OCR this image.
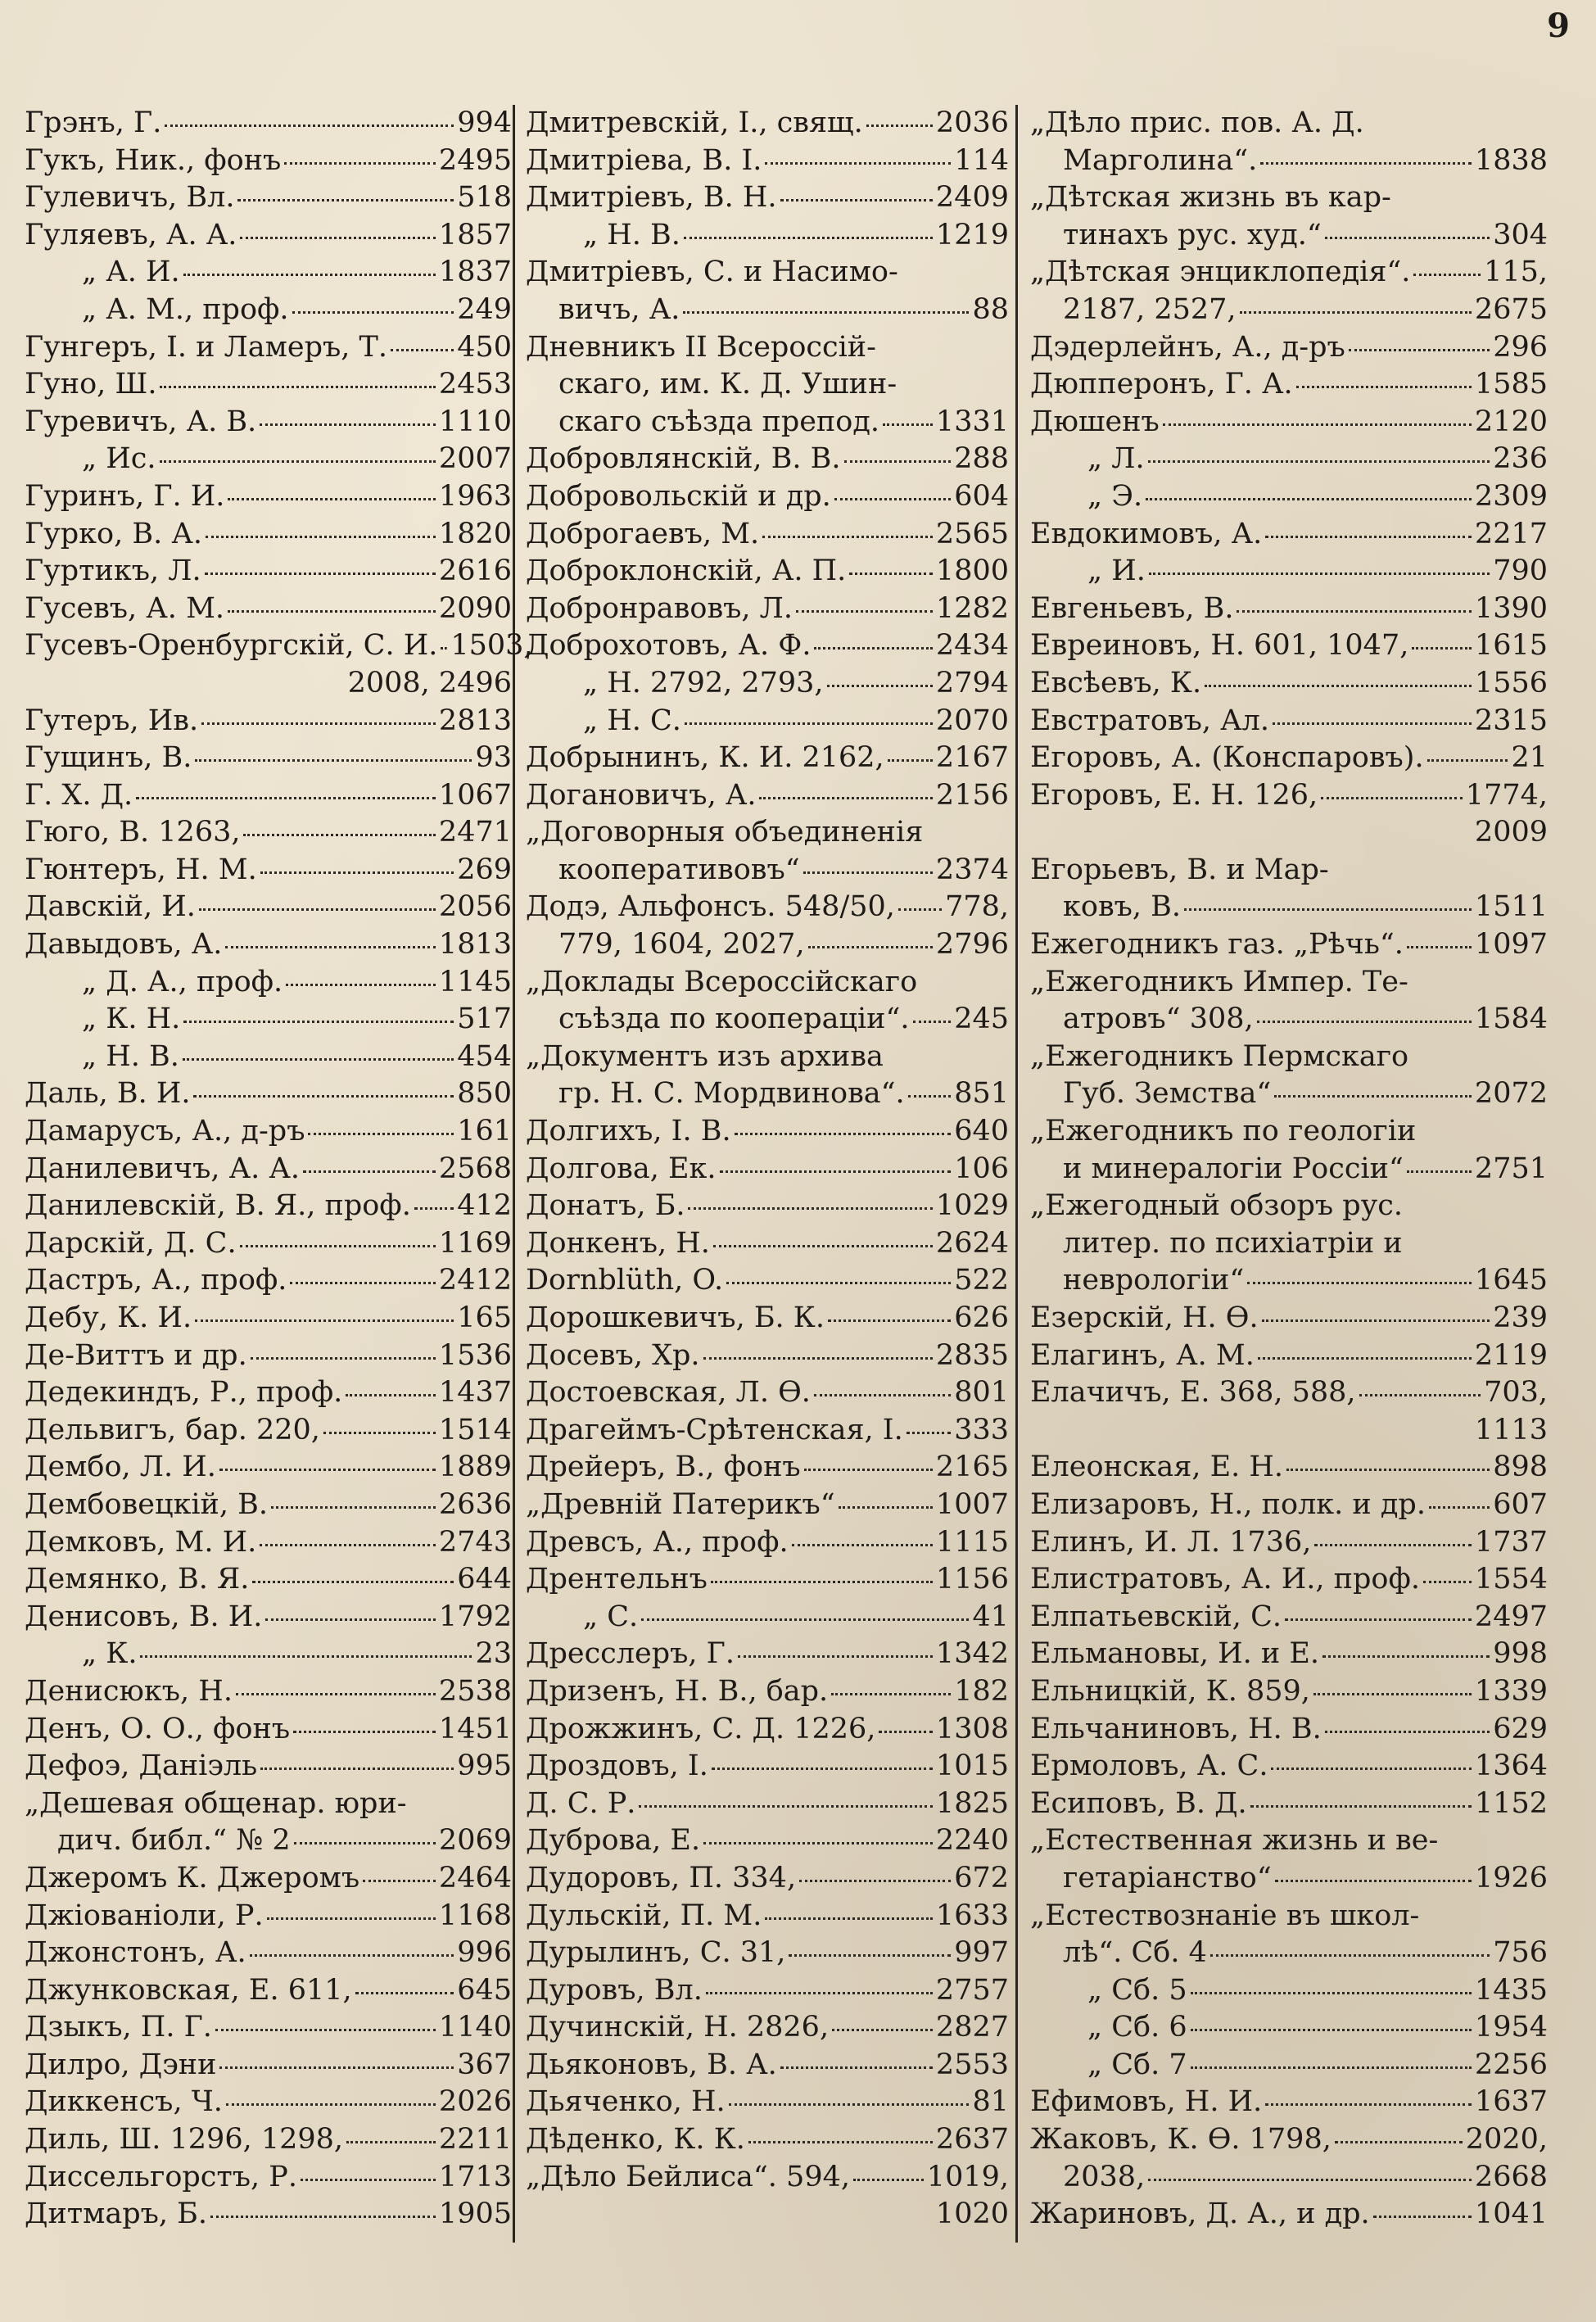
9
Грэнъ, Г.	994
Гукъ, Ник., фонъ	2495
Гулевичъ, Вл.	518
Гуляевъ, А. А.	1857
„ А. И.	1837
„ А. М., проф.	249
Гунгеръ, І. и Ламеръ, Т. 450
Гуно, Ш.	2453
Гуревичъ, А. В.	1110
„ Ис.	2007
Гуринъ, Г. И.	1963
Гурко, В. А.	1820
Гуртикъ, Л.	2616
Гусевъ, А. М.	2090
Гусевъ-Оренбургскій, С. И. 1503,
2008, 2496
Гутеръ, Ив.	2813
Гущинъ, В.	93
Г. Х. Д.	1067
Гюго, В. 1263,	2471
Гюнтеръ, Н. М.	269
Давскій, И.	2056
Давыдовъ, А.	1813
„ Д. А., проф.	1145
„ К. Н.	517
„ Н. В.	454
Даль, В. И.	850
Дамарусъ, А., д-ръ	161
Данилевичъ, А. А.	2568
Данилевскій, В. Я., проф. 412
Дарскій, Д. С.	1169
Дастръ, А., проф.	2412
Дебу, К. И.	165
Де-Виттъ и др.	1536
Дедекиндъ, Р., проф.	1437
Дельвигъ, бар. 220,	1514
Дембо, Л. И.	1889
Дембовецкій, В.	2636
Демковъ, М. И.	2743
Демянко, В. Я.	644
Денисовъ, В. И.	1792
„ К.	23
Денисюкъ, Н.	2538
Денъ, О. О., фонъ	1451
Дефоэ, Даніэль	995
„Дешевая общенар. юри-
дич. библ.“ № 2	2069
Джеромъ К. Джеромъ	2464
Джіованіоли, Р.	1168
Джонстонъ, А.	996
Джунковская, Е. 611,	645
Дзыкъ, П. Г.	1140
Дилро, Дэни	367
Диккенсъ, Ч.	2026
Диль, Ш. 1296, 1298,	2211
Диссельгорстъ, Р.	1713
Дитмаръ, Б.	1905
Дмитревскій, І., свящ.	2036
Дмитріева, В. І.	114
Дмитріевъ, В. Н.	2409
„ Н. В.	1219
Дмитріевъ, С. и Насимо-
вичъ, А.	88
Дневникъ II Всероссій-
скаго, им. К. Д. Ушин-
скаго съѣзда препод. 1331
Добровлянскій, В. В.	288
Добровольскій и др.	604
Доброгаевъ, М.	2565
Доброклонскій, А. П.	1800
Добронравовъ, Л.	1282
Доброхотовъ, А. Ф.	2434
„ Н. 2792, 2793,	2794
„ Н. С.	2070
Добрынинъ, К. И. 2162, 2167
Догановичъ, А.	2156
„Договорныя объединенія
кооперативовъ“	2374
Додэ, Альфонсъ. 548/50, 778,
779, 1604, 2027,	2796
„Доклады Всероссійскаго
съѣзда по коопераціи“. 245
„Документъ изъ архива
гр. Н. С. Мордвинова“. 851
Долгихъ, І. В.	640
Долгова, Ек.	106
Донатъ, Б.	1029
Донкенъ, Н.	2624
Dornblüth, O.	522
Дорошкевичъ, Б. К.	626
Досевъ, Хр.	2835
Достоевская, Л. Ѳ.	801
Драгеймъ-Срѣтенская, І. 333
Дрейеръ, В., фонъ	2165
„Древній Патерикъ“	1007
Древсъ, А., проф.	1115
Дрентельнъ	1156
„ С.	41
Дресслеръ, Г.	1342
Дризенъ, Н. В., бар.	182
Дрожжинъ, С. Д. 1226, 1308
Дроздовъ, І.	1015
Д. С. Р.	1825
Дуброва, Е.	2240
Дудоровъ, П. 334,	672
Дульскій, П. М.	1633
Дурылинъ, С. 31,	997
Дуровъ, Вл.	2757
Дучинскій, Н. 2826,	2827
Дьяконовъ, В. А.	2553
Дьяченко, Н.	81
Дѣденко, К. К.	2637
„Дѣло Бейлиса“. 594,	1019,
1020
„Дѣло прис. пов. А. Д.
Марголина“.	1838
„Дѣтская жизнь въ кар-
тинахъ рус. худ.“	304
„Дѣтская энциклопедія“.	115,
2187, 2527,	2675
Дэдерлейнъ, А., д-ръ	296
Дюпперонъ, Г. А.	1585
Дюшенъ	2120
„ Л.	236
„ Э.	2309
Евдокимовъ, А.	2217
„ И.	790
Евгеньевъ, В.	1390
Евреиновъ, Н. 601, 1047, 1615
Евсѣевъ, К.	1556
Евстратовъ, Ал.	2315
Егоровъ, А. (Конспаровъ).	21
Егоровъ, Е. Н. 126,	1774,
2009
Егорьевъ, В. и Мар-
ковъ, В.	1511
Ежегодникъ газ. „Рѣчь“. 1097
„Ежегодникъ Импер. Те-
атровъ“ 308,	1584
„Ежегодникъ Пермскаго
Губ. Земства“	2072
„Ежегодникъ по геологіи
и минералогіи Россіи“ 2751
„Ежегодный обзоръ рус.
литер. по психіатріи и
неврологіи“	1645
Езерскій, Н. Ѳ.	239
Елагинъ, А. М.	2119
Елачичъ, Е. 368, 588,	703,
1113
Елеонская, Е. Н.	898
Елизаровъ, Н., полк. и др. 607
Елинъ, И. Л. 1736,	1737
Елистратовъ, А. И., проф. 1554
Елпатьевскій, С.	2497
Ельмановы, И. и Е.	998
Ельницкій, К. 859,	1339
Ельчаниновъ, Н. В.	629
Ермоловъ, А. С.	1364
Есиповъ, В. Д.	1152
„Естественная жизнь и ве-
гетаріанство“	1926
„Естествознаніе въ школ-
лѣ“. Сб. 4	756
„ Сб. 5	1435
„ Сб. 6	1954
„ Сб. 7	2256
Ефимовъ, Н. И.	1637
Жаковъ, К. Ѳ. 1798,	2020,
2038,	2668
Жариновъ, Д. А., и др.	1041
